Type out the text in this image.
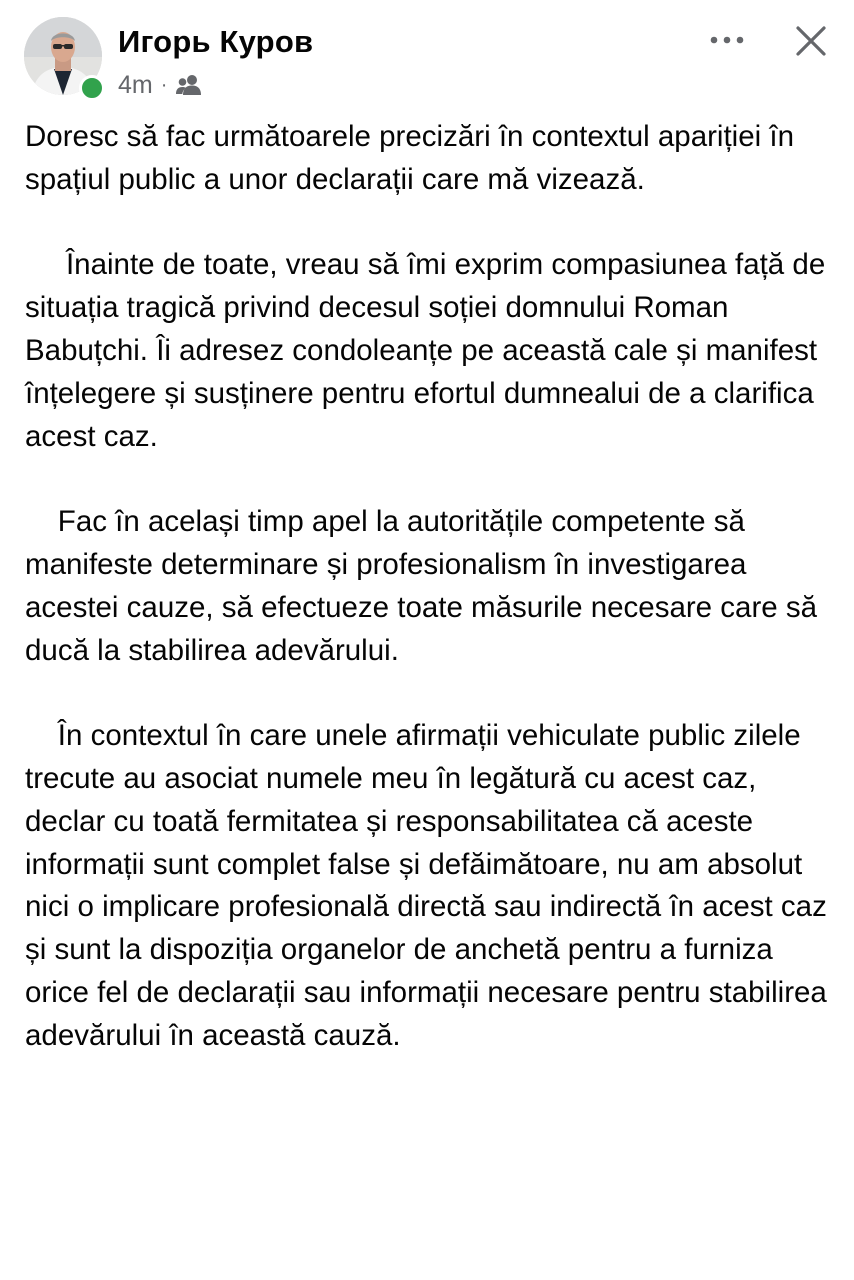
Игорь Куров
4m ·

Doresc să fac următoarele precizări în contextul apariției în spațiul public a unor declarații care mă vizează.

Înainte de toate, vreau să îmi exprim compasiunea față de situația tragică privind decesul soției domnului Roman Babuțchi. Îi adresez condoleanțe pe această cale și manifest înțelegere și susținere pentru efortul dumnealui de a clarifica acest caz.

Fac în același timp apel la autoritățile competente să manifeste determinare și profesionalism în investigarea acestei cauze, să efectueze toate măsurile necesare care să ducă la stabilirea adevărului.

În contextul în care unele afirmații vehiculate public zilele trecute au asociat numele meu în legătură cu acest caz, declar cu toată fermitatea și responsabilitatea că aceste informații sunt complet false și defăimătoare, nu am absolut nici o implicare profesională directă sau indirectă în acest caz și sunt la dispoziția organelor de anchetă pentru a furniza orice fel de declarații sau informații necesare pentru stabilirea adevărului în această cauză.
